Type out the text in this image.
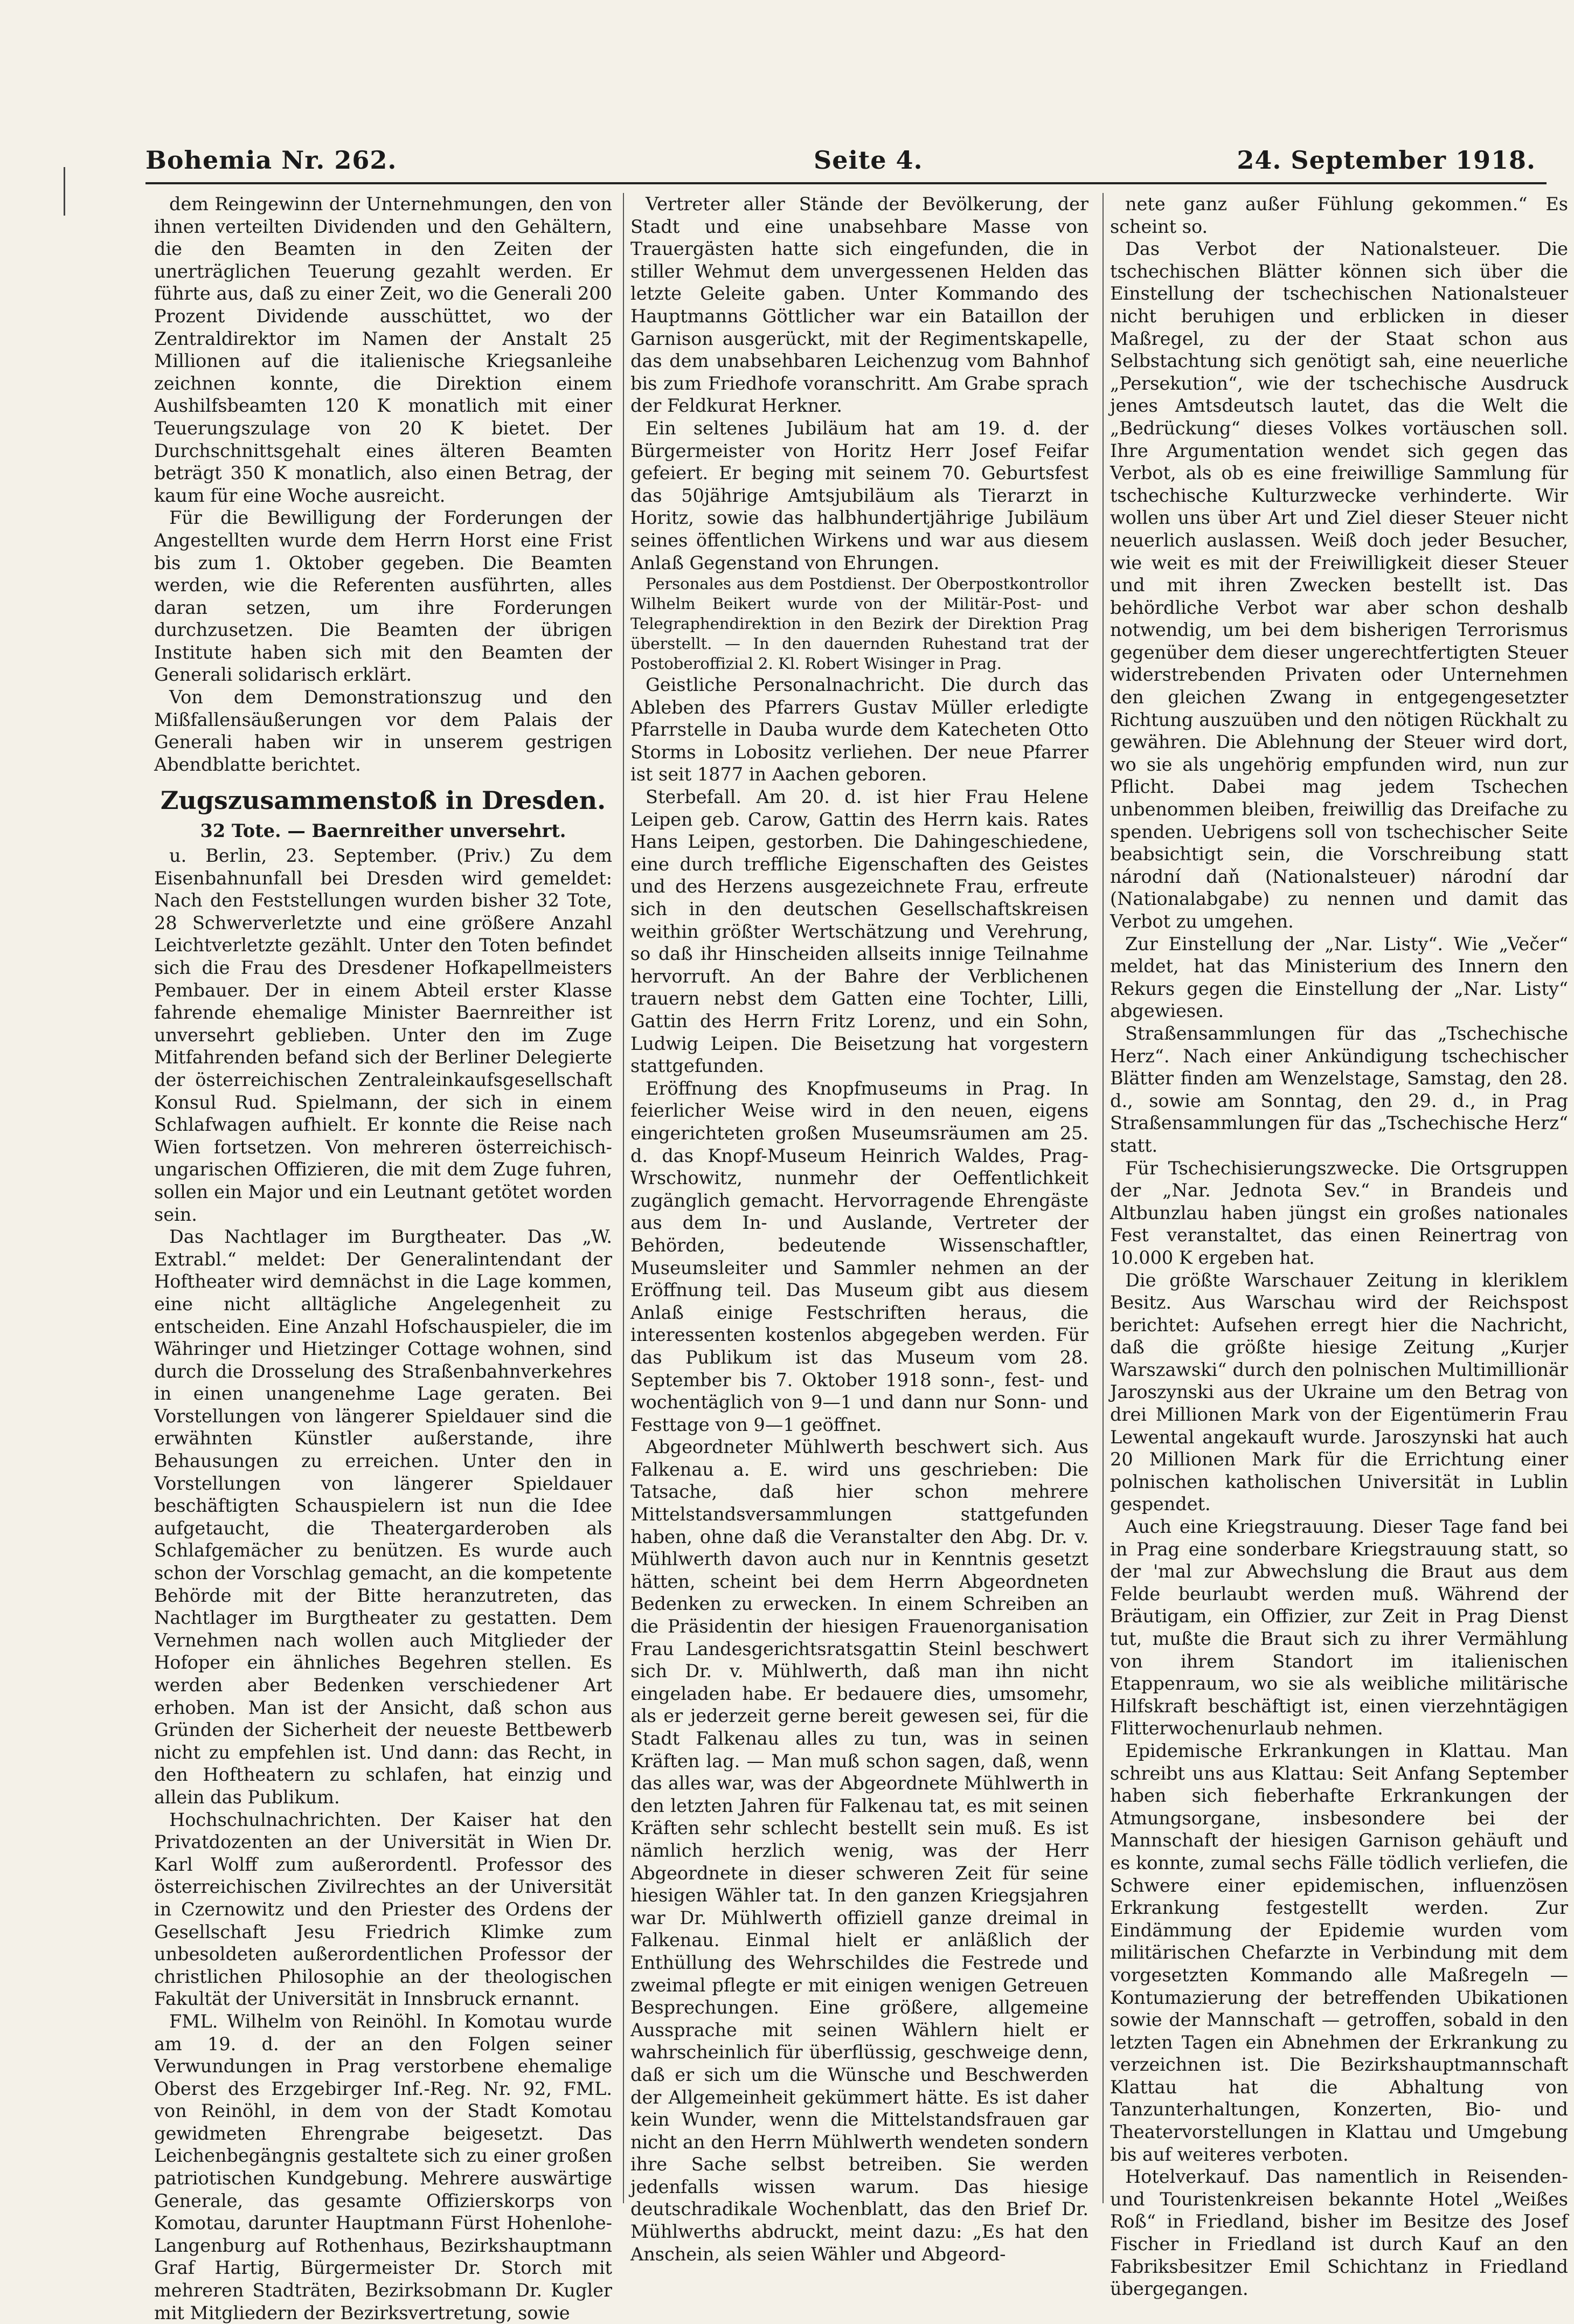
Bohemia Nr. 262.	Seite 4.	24. September 1918.

dem Reingewinn der Unternehmungen, den von ihnen verteilten Dividenden und den Gehältern, die den Beamten in den Zeiten der unerträglichen Teuerung gezahlt werden. Er führte aus, daß zu einer Zeit, wo die Generali 200 Prozent Dividende ausschüttet, wo der Zentraldirektor im Namen der Anstalt 25 Millionen auf die italienische Kriegsanleihe zeichnen konnte, die Direktion einem Aushilfsbeamten 120 K monatlich mit einer Teuerungszulage von 20 K bietet. Der Durchschnittsgehalt eines älteren Beamten beträgt 350 K monatlich, also einen Betrag, der kaum für eine Woche ausreicht.

Für die Bewilligung der Forderungen der Angestellten wurde dem Herrn Horst eine Frist bis zum 1. Oktober gegeben. Die Beamten werden, wie die Referenten ausführten, alles daran setzen, um ihre Forderungen durchzusetzen. Die Beamten der übrigen Institute haben sich mit den Beamten der Generali solidarisch erklärt.

Von dem Demonstrationszug und den Mißfallensäußerungen vor dem Palais der Generali haben wir in unserem gestrigen Abendblatte berichtet.

Zugszusammenstoß in Dresden.

32 Tote. — Baernreither unversehrt.

u. Berlin, 23. September. (Priv.) Zu dem Eisenbahnunfall bei Dresden wird gemeldet: Nach den Feststellungen wurden bisher 32 Tote, 28 Schwerverletzte und eine größere Anzahl Leichtverletzte gezählt. Unter den Toten befindet sich die Frau des Dresdener Hofkapellmeisters Pembauer. Der in einem Abteil erster Klasse fahrende ehemalige Minister Baernreither ist unversehrt geblieben. Unter den im Zuge Mitfahrenden befand sich der Berliner Delegierte der österreichischen Zentraleinkaufsgesellschaft Konsul Rud. Spielmann, der sich in einem Schlafwagen aufhielt. Er konnte die Reise nach Wien fortsetzen. Von mehreren österreichisch-ungarischen Offizieren, die mit dem Zuge fuhren, sollen ein Major und ein Leutnant getötet worden sein.

Das Nachtlager im Burgtheater. Das „W. Extrabl.“ meldet: Der Generalintendant der Hoftheater wird demnächst in die Lage kommen, eine nicht alltägliche Angelegenheit zu entscheiden. Eine Anzahl Hofschauspieler, die im Währinger und Hietzinger Cottage wohnen, sind durch die Drosselung des Straßenbahnverkehres in einen unangenehme Lage geraten. Bei Vorstellungen von längerer Spieldauer sind die erwähnten Künstler außerstande, ihre Behausungen zu erreichen. Unter den in Vorstellungen von längerer Spieldauer beschäftigten Schauspielern ist nun die Idee aufgetaucht, die Theatergarderoben als Schlafgemächer zu benützen. Es wurde auch schon der Vorschlag gemacht, an die kompetente Behörde mit der Bitte heranzutreten, das Nachtlager im Burgtheater zu gestatten. Dem Vernehmen nach wollen auch Mitglieder der Hofoper ein ähnliches Begehren stellen. Es werden aber Bedenken verschiedener Art erhoben. Man ist der Ansicht, daß schon aus Gründen der Sicherheit der neueste Bettbewerb nicht zu empfehlen ist. Und dann: das Recht, in den Hoftheatern zu schlafen, hat einzig und allein das Publikum.

Hochschulnachrichten. Der Kaiser hat den Privatdozenten an der Universität in Wien Dr. Karl Wolff zum außerordentl. Professor des österreichischen Zivilrechtes an der Universität in Czernowitz und den Priester des Ordens der Gesellschaft Jesu Friedrich Klimke zum unbesoldeten außerordentlichen Professor der christlichen Philosophie an der theologischen Fakultät der Universität in Innsbruck ernannt.

FML. Wilhelm von Reinöhl. In Komotau wurde am 19. d. der an den Folgen seiner Verwundungen in Prag verstorbene ehemalige Oberst des Erzgebirger Inf.-Reg. Nr. 92, FML. von Reinöhl, in dem von der Stadt Komotau gewidmeten Ehrengrabe beigesetzt. Das Leichenbegängnis gestaltete sich zu einer großen patriotischen Kundgebung. Mehrere auswärtige Generale, das gesamte Offizierskorps von Komotau, darunter Hauptmann Fürst Hohenlohe-Langenburg auf Rothenhaus, Bezirkshauptmann Graf Hartig, Bürgermeister Dr. Storch mit mehreren Stadträten, Bezirksobmann Dr. Kugler mit Mitgliedern der Bezirksvertretung, sowie

Vertreter aller Stände der Bevölkerung, der Stadt und eine unabsehbare Masse von Trauergästen hatte sich eingefunden, die in stiller Wehmut dem unvergessenen Helden das letzte Geleite gaben. Unter Kommando des Hauptmanns Göttlicher war ein Bataillon der Garnison ausgerückt, mit der Regimentskapelle, das dem unabsehbaren Leichenzug vom Bahnhof bis zum Friedhofe voranschritt. Am Grabe sprach der Feldkurat Herkner.

Ein seltenes Jubiläum hat am 19. d. der Bürgermeister von Horitz Herr Josef Feifar gefeiert. Er beging mit seinem 70. Geburtsfest das 50jährige Amtsjubiläum als Tierarzt in Horitz, sowie das halbhundertjährige Jubiläum seines öffentlichen Wirkens und war aus diesem Anlaß Gegenstand von Ehrungen.

Personales aus dem Postdienst. Der Oberpostkontrollor Wilhelm Beikert wurde von der Militär-Post- und Telegraphendirektion in den Bezirk der Direktion Prag überstellt. — In den dauernden Ruhestand trat der Postoberoffizial 2. Kl. Robert Wisinger in Prag.

Geistliche Personalnachricht. Die durch das Ableben des Pfarrers Gustav Müller erledigte Pfarrstelle in Dauba wurde dem Katecheten Otto Storms in Lobositz verliehen. Der neue Pfarrer ist seit 1877 in Aachen geboren.

Sterbefall. Am 20. d. ist hier Frau Helene Leipen geb. Carow, Gattin des Herrn kais. Rates Hans Leipen, gestorben. Die Dahingeschiedene, eine durch treffliche Eigenschaften des Geistes und des Herzens ausgezeichnete Frau, erfreute sich in den deutschen Gesellschaftskreisen weithin größter Wertschätzung und Verehrung, so daß ihr Hinscheiden allseits innige Teilnahme hervorruft. An der Bahre der Verblichenen trauern nebst dem Gatten eine Tochter, Lilli, Gattin des Herrn Fritz Lorenz, und ein Sohn, Ludwig Leipen. Die Beisetzung hat vorgestern stattgefunden.

Eröffnung des Knopfmuseums in Prag. In feierlicher Weise wird in den neuen, eigens eingerichteten großen Museumsräumen am 25. d. das Knopf-Museum Heinrich Waldes, Prag-Wrschowitz, nunmehr der Oeffentlichkeit zugänglich gemacht. Hervorragende Ehrengäste aus dem In- und Auslande, Vertreter der Behörden, bedeutende Wissenschaftler, Museumsleiter und Sammler nehmen an der Eröffnung teil. Das Museum gibt aus diesem Anlaß einige Festschriften heraus, die interessenten kostenlos abgegeben werden. Für das Publikum ist das Museum vom 28. September bis 7. Oktober 1918 sonn-, fest- und wochentäglich von 9—1 und dann nur Sonn- und Festtage von 9—1 geöffnet.

Abgeordneter Mühlwerth beschwert sich. Aus Falkenau a. E. wird uns geschrieben: Die Tatsache, daß hier schon mehrere Mittelstandsversammlungen stattgefunden haben, ohne daß die Veranstalter den Abg. Dr. v. Mühlwerth davon auch nur in Kenntnis gesetzt hätten, scheint bei dem Herrn Abgeordneten Bedenken zu erwecken. In einem Schreiben an die Präsidentin der hiesigen Frauenorganisation Frau Landesgerichtsratsgattin Steinl beschwert sich Dr. v. Mühlwerth, daß man ihn nicht eingeladen habe. Er bedauere dies, umsomehr, als er jederzeit gerne bereit gewesen sei, für die Stadt Falkenau alles zu tun, was in seinen Kräften lag. — Man muß schon sagen, daß, wenn das alles war, was der Abgeordnete Mühlwerth in den letzten Jahren für Falkenau tat, es mit seinen Kräften sehr schlecht bestellt sein muß. Es ist nämlich herzlich wenig, was der Herr Abgeordnete in dieser schweren Zeit für seine hiesigen Wähler tat. In den ganzen Kriegsjahren war Dr. Mühlwerth offiziell ganze dreimal in Falkenau. Einmal hielt er anläßlich der Enthüllung des Wehrschildes die Festrede und zweimal pflegte er mit einigen wenigen Getreuen Besprechungen. Eine größere, allgemeine Aussprache mit seinen Wählern hielt er wahrscheinlich für überflüssig, geschweige denn, daß er sich um die Wünsche und Beschwerden der Allgemeinheit gekümmert hätte. Es ist daher kein Wunder, wenn die Mittelstandsfrauen gar nicht an den Herrn Mühlwerth wendeten sondern ihre Sache selbst betreiben. Sie werden jedenfalls wissen warum. Das hiesige deutschradikale Wochenblatt, das den Brief Dr. Mühlwerths abdruckt, meint dazu: „Es hat den Anschein, als seien Wähler und Abgeord-

nete ganz außer Fühlung gekommen.“ Es scheint so.

Das Verbot der Nationalsteuer. Die tschechischen Blätter können sich über die Einstellung der tschechischen Nationalsteuer nicht beruhigen und erblicken in dieser Maßregel, zu der der Staat schon aus Selbstachtung sich genötigt sah, eine neuerliche „Persekution“, wie der tschechische Ausdruck jenes Amtsdeutsch lautet, das die Welt die „Bedrückung“ dieses Volkes vortäuschen soll. Ihre Argumentation wendet sich gegen das Verbot, als ob es eine freiwillige Sammlung für tschechische Kulturzwecke verhinderte. Wir wollen uns über Art und Ziel dieser Steuer nicht neuerlich auslassen. Weiß doch jeder Besucher, wie weit es mit der Freiwilligkeit dieser Steuer und mit ihren Zwecken bestellt ist. Das behördliche Verbot war aber schon deshalb notwendig, um bei dem bisherigen Terrorismus gegenüber dem dieser ungerechtfertigten Steuer widerstrebenden Privaten oder Unternehmen den gleichen Zwang in entgegengesetzter Richtung auszuüben und den nötigen Rückhalt zu gewähren. Die Ablehnung der Steuer wird dort, wo sie als ungehörig empfunden wird, nun zur Pflicht. Dabei mag jedem Tschechen unbenommen bleiben, freiwillig das Dreifache zu spenden. Uebrigens soll von tschechischer Seite beabsichtigt sein, die Vorschreibung statt národní daň (Nationalsteuer) národní dar (Nationalabgabe) zu nennen und damit das Verbot zu umgehen.

Zur Einstellung der „Nar. Listy“. Wie „Večer“ meldet, hat das Ministerium des Innern den Rekurs gegen die Einstellung der „Nar. Listy“ abgewiesen.

Straßensammlungen für das „Tschechische Herz“. Nach einer Ankündigung tschechischer Blätter finden am Wenzelstage, Samstag, den 28. d., sowie am Sonntag, den 29. d., in Prag Straßensammlungen für das „Tschechische Herz“ statt.

Für Tschechisierungszwecke. Die Ortsgruppen der „Nar. Jednota Sev.“ in Brandeis und Altbunzlau haben jüngst ein großes nationales Fest veranstaltet, das einen Reinertrag von 10.000 K ergeben hat.

Die größte Warschauer Zeitung in kleriklem Besitz. Aus Warschau wird der Reichspost berichtet: Aufsehen erregt hier die Nachricht, daß die größte hiesige Zeitung „Kurjer Warszawski“ durch den polnischen Multimillionär Jaroszynski aus der Ukraine um den Betrag von drei Millionen Mark von der Eigentümerin Frau Lewental angekauft wurde. Jaroszynski hat auch 20 Millionen Mark für die Errichtung einer polnischen katholischen Universität in Lublin gespendet.

Auch eine Kriegstrauung. Dieser Tage fand bei in Prag eine sonderbare Kriegstrauung statt, so der 'mal zur Abwechslung die Braut aus dem Felde beurlaubt werden muß. Während der Bräutigam, ein Offizier, zur Zeit in Prag Dienst tut, mußte die Braut sich zu ihrer Vermählung von ihrem Standort im italienischen Etappenraum, wo sie als weibliche militärische Hilfskraft beschäftigt ist, einen vierzehntägigen Flitterwochenurlaub nehmen.

Epidemische Erkrankungen in Klattau. Man schreibt uns aus Klattau: Seit Anfang September haben sich fieberhafte Erkrankungen der Atmungsorgane, insbesondere bei der Mannschaft der hiesigen Garnison gehäuft und es konnte, zumal sechs Fälle tödlich verliefen, die Schwere einer epidemischen, influenzösen Erkrankung festgestellt werden. Zur Eindämmung der Epidemie wurden vom militärischen Chefarzte in Verbindung mit dem vorgesetzten Kommando alle Maßregeln — Kontumazierung der betreffenden Ubikationen sowie der Mannschaft — getroffen, sobald in den letzten Tagen ein Abnehmen der Erkrankung zu verzeichnen ist. Die Bezirkshauptmannschaft Klattau hat die Abhaltung von Tanzunterhaltungen, Konzerten, Bio- und Theatervorstellungen in Klattau und Umgebung bis auf weiteres verboten.

Hotelverkauf. Das namentlich in Reisenden- und Touristenkreisen bekannte Hotel „Weißes Roß“ in Friedland, bisher im Besitze des Josef Fischer in Friedland ist durch Kauf an den Fabriksbesitzer Emil Schichtanz in Friedland übergegangen.
